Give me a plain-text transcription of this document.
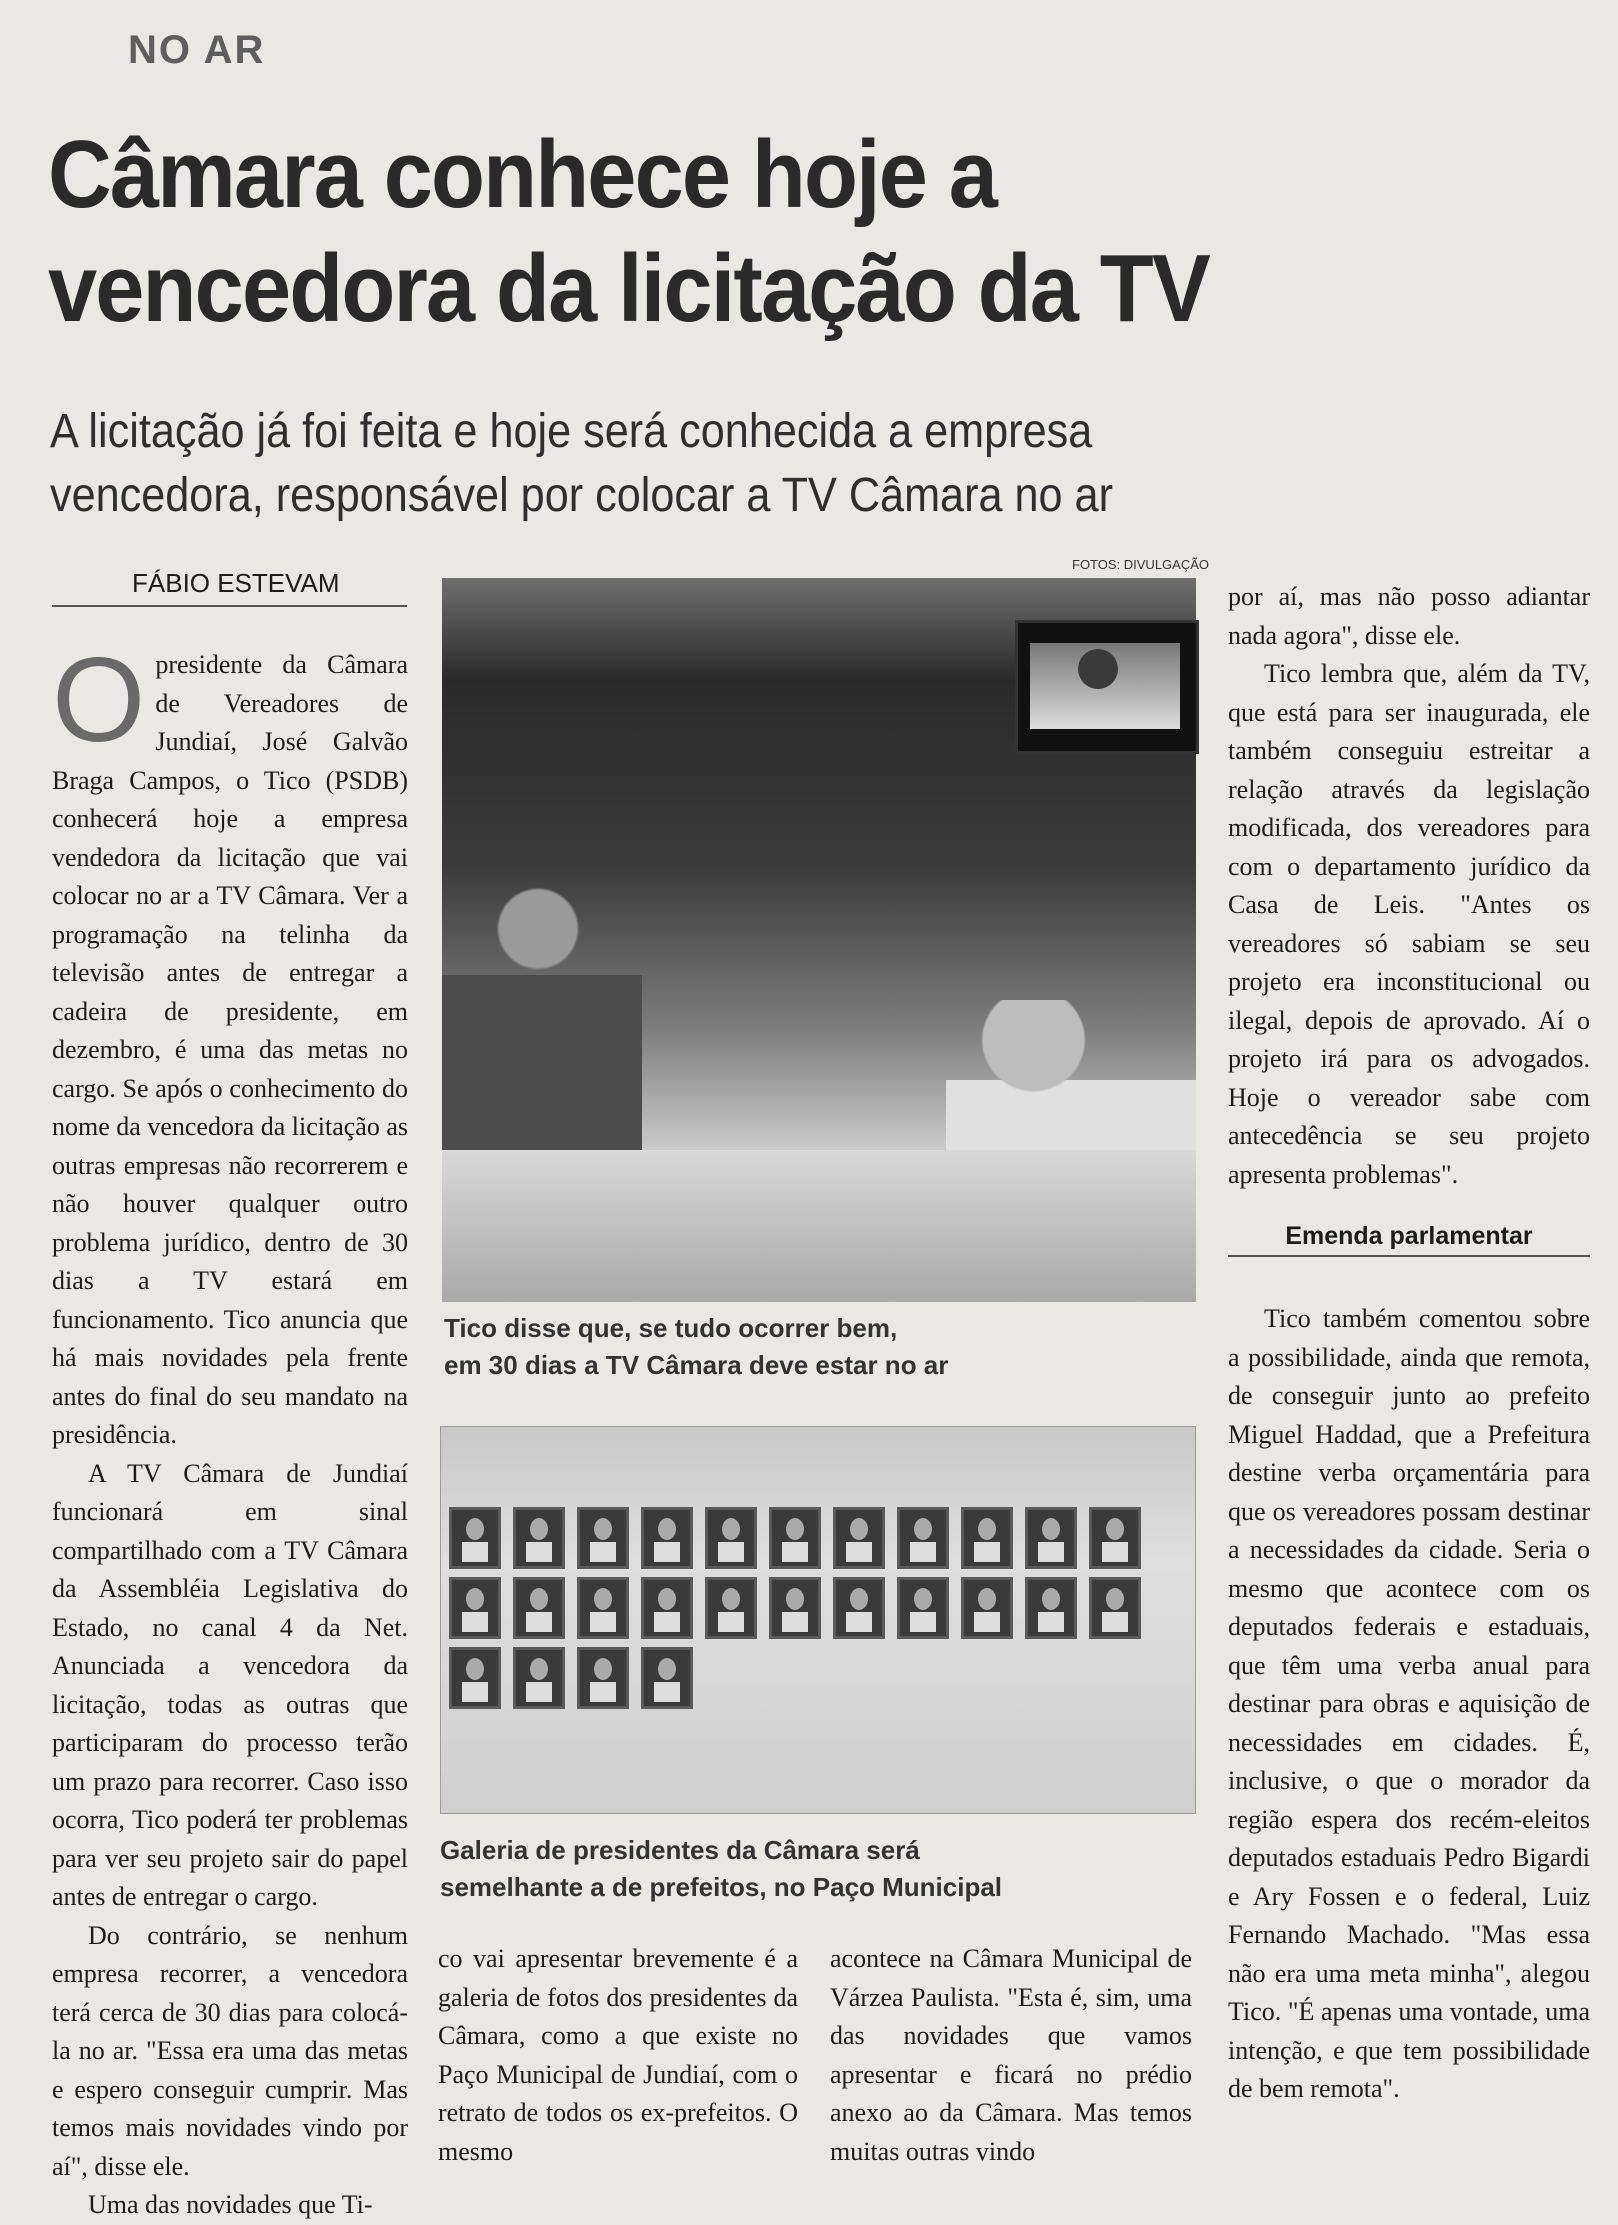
NO AR
Câmara conhece hoje a
vencedora da licitação da TV
A licitação já foi feita e hoje será conhecida a empresa
vencedora, responsável por colocar a TV Câmara no ar
FÁBIO ESTEVAM
FOTOS: DIVULGAÇÃO

Opresidente da Câmara de Vereadores de Jundiaí, José Galvão Braga Campos, o Tico (PSDB) conhecerá hoje a empresa vendedora da licitação que vai colocar no ar a TV Câmara. Ver a programação na telinha da televisão antes de entregar a cadeira de presidente, em dezembro, é uma das metas no cargo. Se após o conhecimento do nome da vencedora da licitação as outras empresas não recorrerem e não houver qualquer outro problema jurídico, dentro de 30 dias a TV estará em funcionamento. Tico anuncia que há mais novidades pela frente antes do final do seu mandato na presidência.

A TV Câmara de Jundiaí funcionará em sinal compartilhado com a TV Câmara da Assembléia Legislativa do Estado, no canal 4 da Net. Anunciada a vencedora da licitação, todas as outras que participaram do processo terão um prazo para recorrer. Caso isso ocorra, Tico poderá ter problemas para ver seu projeto sair do papel antes de entregar o cargo.

Do contrário, se nenhum empresa recorrer, a vencedora terá cerca de 30 dias para colocá-la no ar. "Essa era uma das metas e espero conseguir cumprir. Mas temos mais novidades vindo por aí", disse ele.

Uma das novidades que Ti-

Tico disse que, se tudo ocorrer bem,
em 30 dias a TV Câmara deve estar no ar
Galeria de presidentes da Câmara será
semelhante a de prefeitos, no Paço Municipal

co vai apresentar brevemente é a galeria de fotos dos presidentes da Câmara, como a que existe no Paço Municipal de Jundiaí, com o retrato de todos os ex-prefeitos. O mesmo

acontece na Câmara Municipal de Várzea Paulista. "Esta é, sim, uma das novidades que vamos apresentar e ficará no prédio anexo ao da Câmara. Mas temos muitas outras vindo

por aí, mas não posso adiantar nada agora", disse ele.

Tico lembra que, além da TV, que está para ser inaugurada, ele também conseguiu estreitar a relação através da legislação modificada, dos vereadores para com o departamento jurídico da Casa de Leis. "Antes os vereadores só sabiam se seu projeto era inconstitucional ou ilegal, depois de aprovado. Aí o projeto irá para os advogados. Hoje o vereador sabe com antecedência se seu projeto apresenta problemas".

Emenda parlamentar

Tico também comentou sobre a possibilidade, ainda que remota, de conseguir junto ao prefeito Miguel Haddad, que a Prefeitura destine verba orçamentária para que os vereadores possam destinar a necessidades da cidade. Seria o mesmo que acontece com os deputados federais e estaduais, que têm uma verba anual para destinar para obras e aquisição de necessidades em cidades. É, inclusive, o que o morador da região espera dos recém-eleitos deputados estaduais Pedro Bigardi e Ary Fossen e o federal, Luiz Fernando Machado. "Mas essa não era uma meta minha", alegou Tico. "É apenas uma vontade, uma intenção, e que tem possibilidade de bem remota".
